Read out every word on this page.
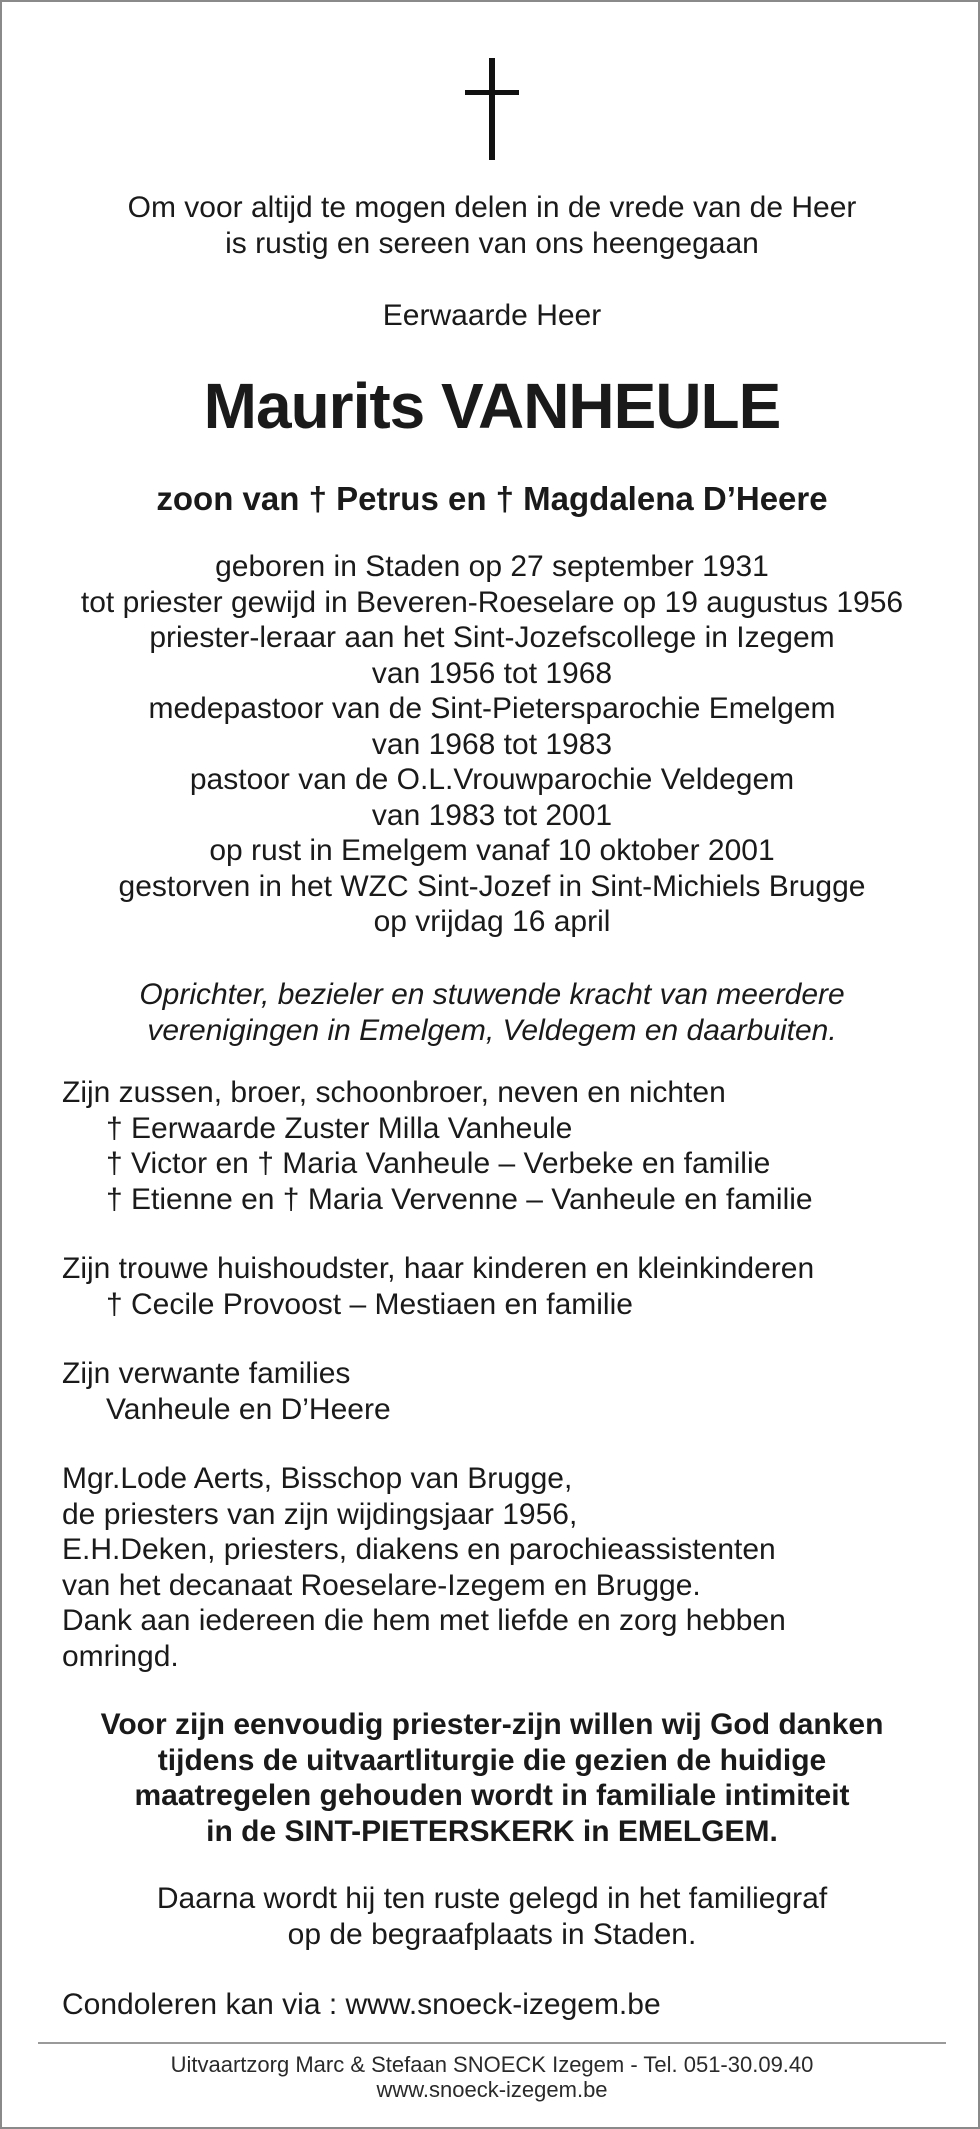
Om voor altijd te mogen delen in de vrede van de Heer
is rustig en sereen van ons heengegaan
Eerwaarde Heer
Maurits VANHEULE
zoon van † Petrus en † Magdalena D’Heere
geboren in Staden op 27 september 1931
tot priester gewijd in Beveren-Roeselare op 19 augustus 1956
priester-leraar aan het Sint-Jozefscollege in Izegem
van 1956 tot 1968
medepastoor van de Sint-Pietersparochie Emelgem
van 1968 tot 1983
pastoor van de O.L.Vrouwparochie Veldegem
van 1983 tot 2001
op rust in Emelgem vanaf 10 oktober 2001
gestorven in het WZC Sint-Jozef in Sint-Michiels Brugge
op vrijdag 16 april
Oprichter, bezieler en stuwende kracht van meerdere
verenigingen in Emelgem, Veldegem en daarbuiten.
Zijn zussen, broer, schoonbroer, neven en nichten
† Eerwaarde Zuster Milla Vanheule
† Victor en † Maria Vanheule – Verbeke en familie
† Etienne en † Maria Vervenne – Vanheule en familie
Zijn trouwe huishoudster, haar kinderen en kleinkinderen
† Cecile Provoost – Mestiaen en familie
Zijn verwante families
Vanheule en D’Heere
Mgr.Lode Aerts, Bisschop van Brugge,
de priesters van zijn wijdingsjaar 1956,
E.H.Deken, priesters, diakens en parochieassistenten
van het decanaat Roeselare-Izegem en Brugge.
Dank aan iedereen die hem met liefde en zorg hebben
omringd.
Voor zijn eenvoudig priester-zijn willen wij God danken
tijdens de uitvaartliturgie die gezien de huidige
maatregelen gehouden wordt in familiale intimiteit
in de SINT-PIETERSKERK in EMELGEM.
Daarna wordt hij ten ruste gelegd in het familiegraf
op de begraafplaats in Staden.
Condoleren kan via : www.snoeck-izegem.be
Uitvaartzorg Marc & Stefaan SNOECK Izegem - Tel. 051-30.09.40
www.snoeck-izegem.be
